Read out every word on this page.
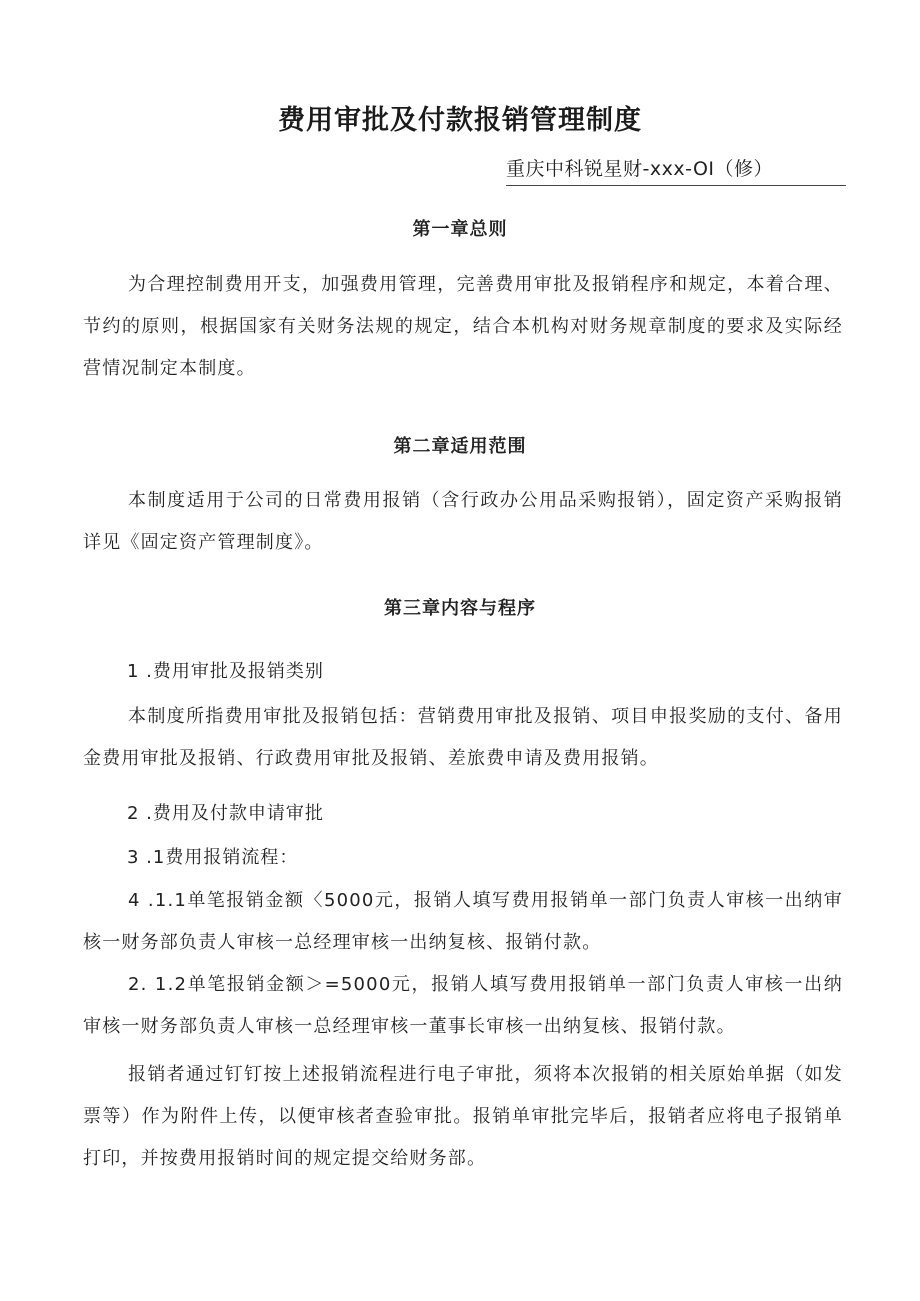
费用审批及付款报销管理制度
重庆中科锐星财-xxx-OI（修）
第一章总则

为合理控制费用开支，加强费用管理，完善费用审批及报销程序和规定，本着合理、节约的原则，根据国家有关财务法规的规定，结合本机构对财务规章制度的要求及实际经营情况制定本制度。

第二章适用范围

本制度适用于公司的日常费用报销（含行政办公用品采购报销），固定资产采购报销详见《固定资产管理制度》。

第三章内容与程序

1 .费用审批及报销类别

本制度所指费用审批及报销包括：营销费用审批及报销、项目申报奖励的支付、备用金费用审批及报销、行政费用审批及报销、差旅费申请及费用报销。

2 .费用及付款申请审批

3 .1费用报销流程：

4 .1.1单笔报销金额〈5000元，报销人填写费用报销单一部门负责人审核一出纳审核一财务部负责人审核一总经理审核一出纳复核、报销付款。

2. 1.2单笔报销金额＞=5000元，报销人填写费用报销单一部门负责人审核一出纳审核一财务部负责人审核一总经理审核一董事长审核一出纳复核、报销付款。

报销者通过钉钉按上述报销流程进行电子审批，须将本次报销的相关原始单据（如发票等）作为附件上传，以便审核者查验审批。报销单审批完毕后，报销者应将电子报销单打印，并按费用报销时间的规定提交给财务部。
